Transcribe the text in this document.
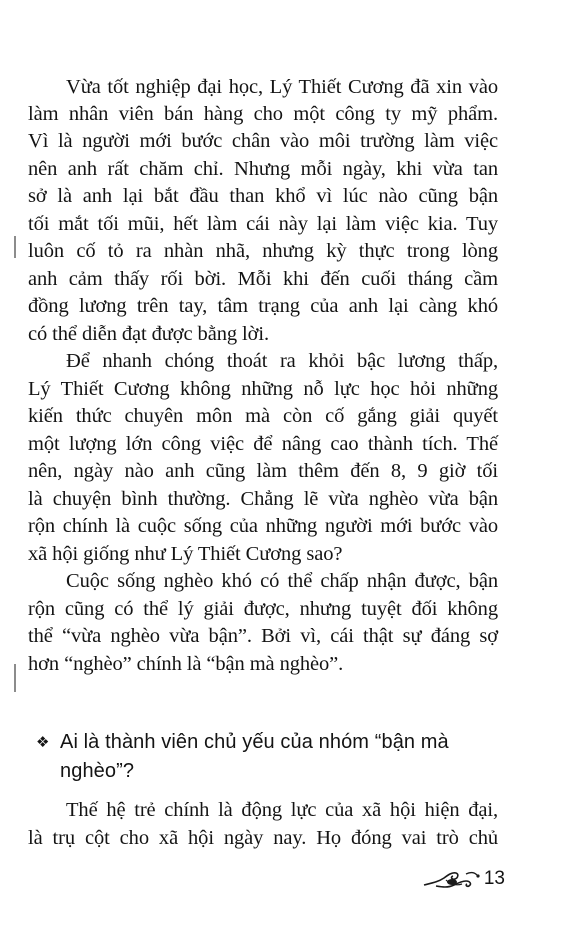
Vừa tốt nghiệp đại học, Lý Thiết Cương đã xin vào
làm nhân viên bán hàng cho một công ty mỹ phẩm.
Vì là người mới bước chân vào môi trường làm việc
nên anh rất chăm chỉ. Nhưng mỗi ngày, khi vừa tan
sở là anh lại bắt đầu than khổ vì lúc nào cũng bận
tối mắt tối mũi, hết làm cái này lại làm việc kia. Tuy
luôn cố tỏ ra nhàn nhã, nhưng kỳ thực trong lòng
anh cảm thấy rối bời. Mỗi khi đến cuối tháng cầm
đồng lương trên tay, tâm trạng của anh lại càng khó
có thể diễn đạt được bằng lời.
Để nhanh chóng thoát ra khỏi bậc lương thấp,
Lý Thiết Cương không những nỗ lực học hỏi những
kiến thức chuyên môn mà còn cố gắng giải quyết
một lượng lớn công việc để nâng cao thành tích. Thế
nên, ngày nào anh cũng làm thêm đến 8, 9 giờ tối
là chuyện bình thường. Chẳng lẽ vừa nghèo vừa bận
rộn chính là cuộc sống của những người mới bước vào
xã hội giống như Lý Thiết Cương sao?
Cuộc sống nghèo khó có thể chấp nhận được, bận
rộn cũng có thể lý giải được, nhưng tuyệt đối không
thể “vừa nghèo vừa bận”. Bởi vì, cái thật sự đáng sợ
hơn “nghèo” chính là “bận mà nghèo”.
❖ Ai là thành viên chủ yếu của nhóm “bận mà
nghèo”?
Thế hệ trẻ chính là động lực của xã hội hiện đại,
là trụ cột cho xã hội ngày nay. Họ đóng vai trò chủ
13
